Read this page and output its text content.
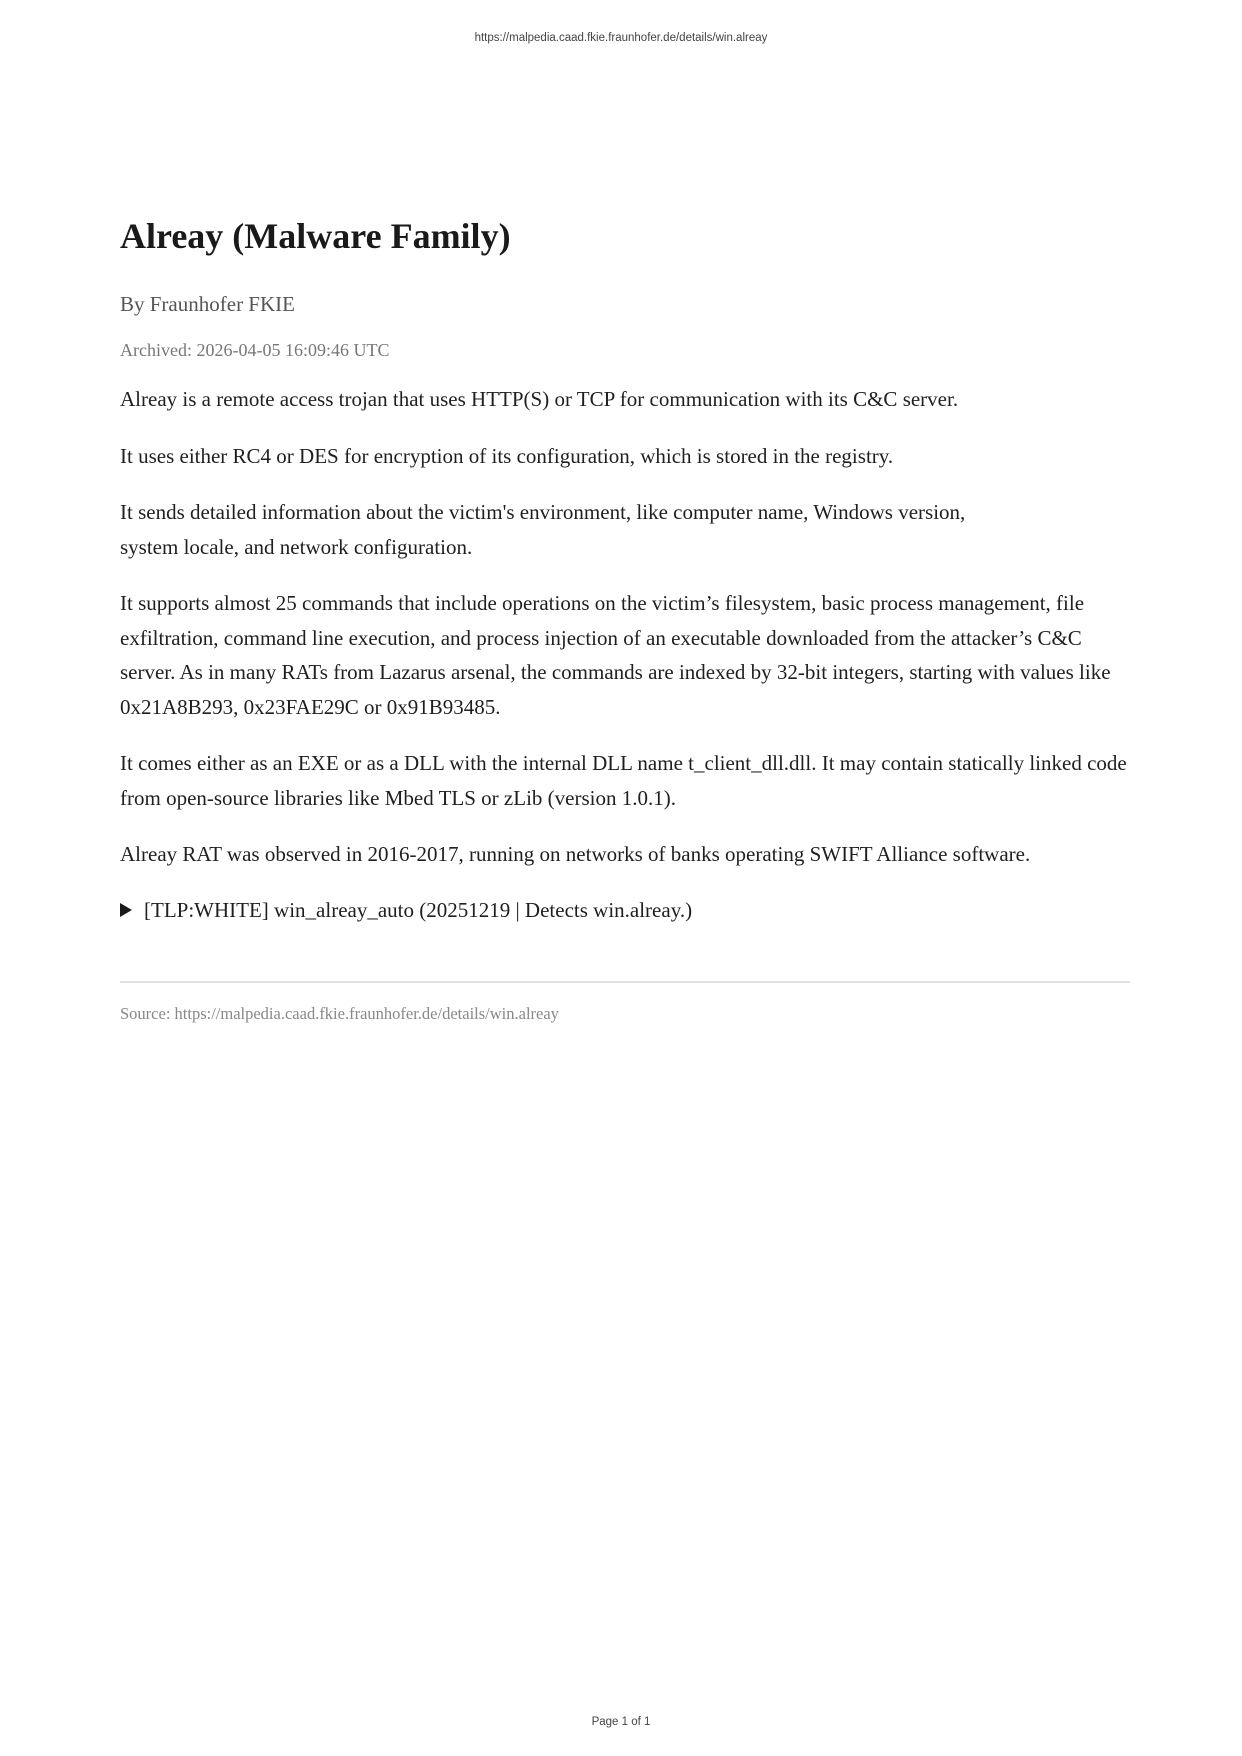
https://malpedia.caad.fkie.fraunhofer.de/details/win.alreay
Alreay (Malware Family)
By Fraunhofer FKIE
Archived: 2026-04-05 16:09:46 UTC

Alreay is a remote access trojan that uses HTTP(S) or TCP for communication with its C&C server.

It uses either RC4 or DES for encryption of its configuration, which is stored in the registry.

It sends detailed information about the victim's environment, like computer name, Windows version, system locale, and network configuration.

It supports almost 25 commands that include operations on the victim’s filesystem, basic process management, file exfiltration, command line execution, and process injection of an executable downloaded from the attacker’s C&C server. As in many RATs from Lazarus arsenal, the commands are indexed by 32-bit integers, starting with values like 0x21A8B293, 0x23FAE29C or 0x91B93485.

It comes either as an EXE or as a DLL with the internal DLL name t_client_dll.dll. It may contain statically linked code from open-source libraries like Mbed TLS or zLib (version 1.0.1).

Alreay RAT was observed in 2016-2017, running on networks of banks operating SWIFT Alliance software.

[TLP:WHITE] win_alreay_auto (20251219 | Detects win.alreay.)
Source: https://malpedia.caad.fkie.fraunhofer.de/details/win.alreay
Page 1 of 1
